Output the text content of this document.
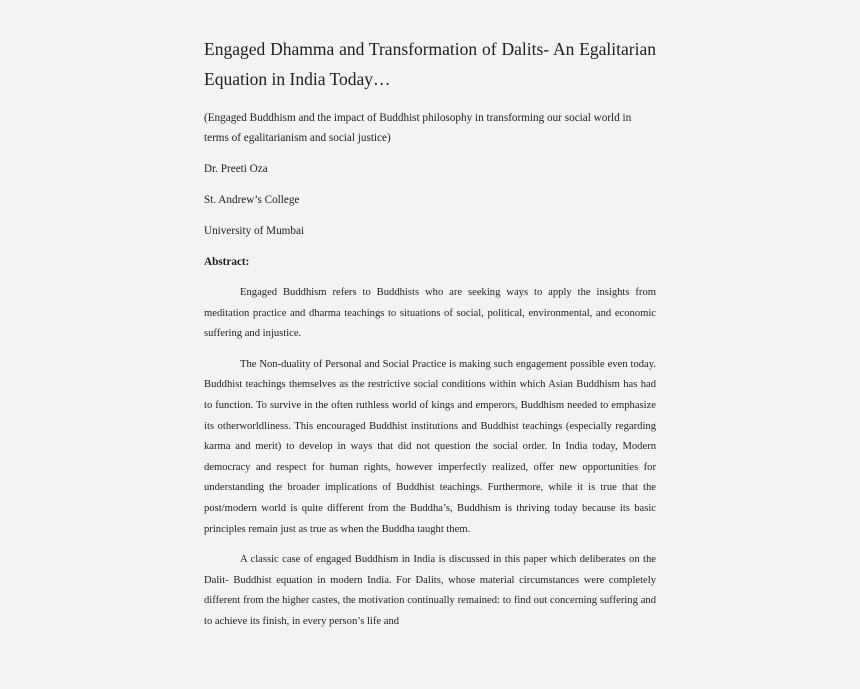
Engaged Dhamma and Transformation of Dalits- An Egalitarian Equation in India Today…
(Engaged Buddhism and the impact of Buddhist philosophy in transforming our social world in terms of egalitarianism and social justice)
Dr. Preeti Oza
St. Andrew’s College
University of Mumbai
Abstract:

Engaged Buddhism refers to Buddhists who are seeking ways to apply the insights from meditation practice and dharma teachings to situations of social, political, environmental, and economic suffering and injustice.

The Non-duality of Personal and Social Practice is making such engagement possible even today. Buddhist teachings themselves as the restrictive social conditions within which Asian Buddhism has had to function. To survive in the often ruthless world of kings and emperors, Buddhism needed to emphasize its otherworldliness. This encouraged Buddhist institutions and Buddhist teachings (especially regarding karma and merit) to develop in ways that did not question the social order. In India today, Modern democracy and respect for human rights, however imperfectly realized, offer new opportunities for understanding the broader implications of Buddhist teachings. Furthermore, while it is true that the post/modern world is quite different from the Buddha’s, Buddhism is thriving today because its basic principles remain just as true as when the Buddha taught them.

A classic case of engaged Buddhism in India is discussed in this paper which deliberates on the Dalit- Buddhist equation in modern India. For Dalits, whose material circumstances were completely different from the higher castes, the motivation continually remained: to find out concerning suffering and to achieve its finish, in every person’s life and
